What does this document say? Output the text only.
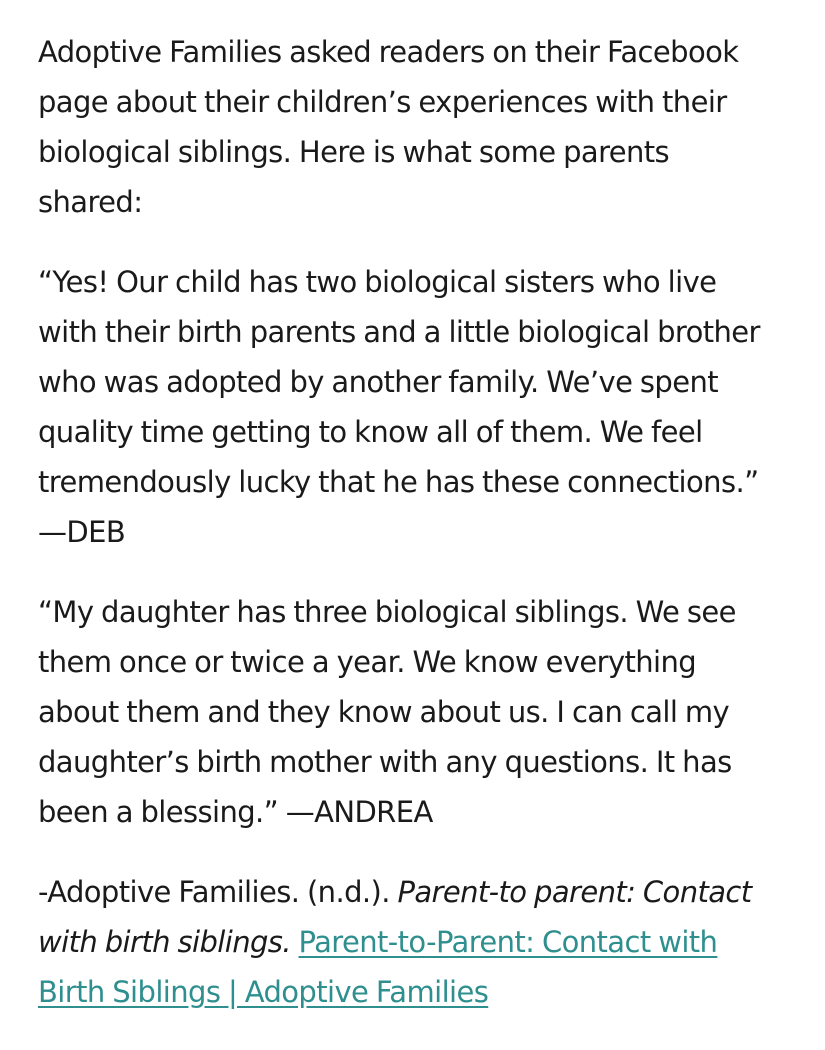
Adoptive Families asked readers on their Facebook page about their children’s experiences with their biological siblings. Here is what some parents shared:

“Yes! Our child has two biological sisters who live with their birth parents and a little biological brother who was adopted by another family. We’ve spent quality time getting to know all of them. We feel tremendously lucky that he has these connections.” —DEB

“My daughter has three biological siblings. We see them once or twice a year. We know everything about them and they know about us. I can call my daughter’s birth mother with any questions. It has been a blessing.” —ANDREA

-Adoptive Families. (n.d.). Parent-to parent: Contact with birth siblings. Parent-to-Parent: Contact with Birth Siblings | Adoptive Families
